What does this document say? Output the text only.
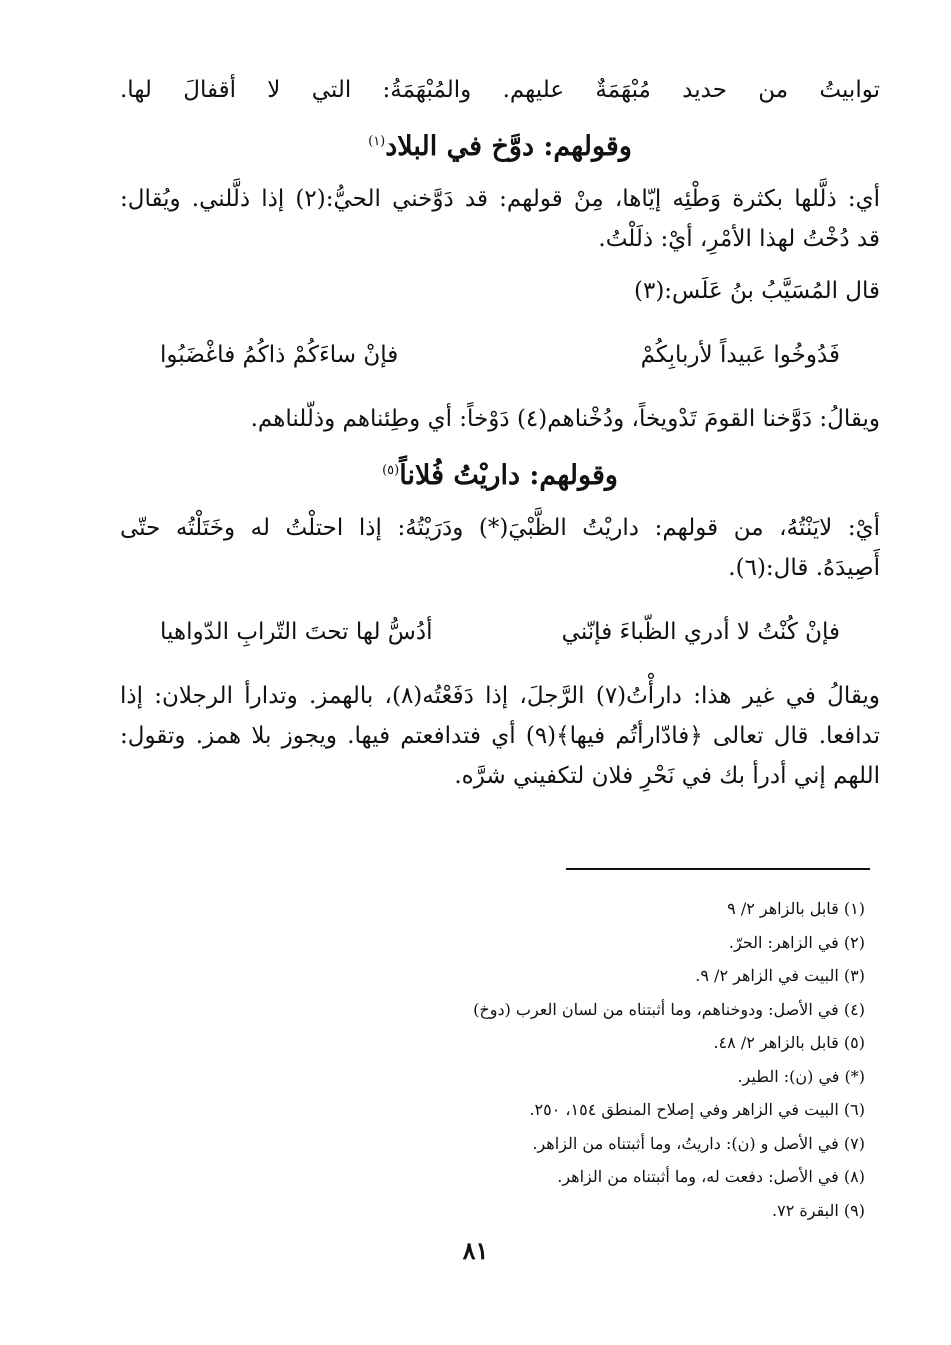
توابيتُ من حديد مُبْهَمَةٌ عليهم. والمُبْهَمَةُ: التي لا أقفالَ لها.
وقولهم: دوَّخ في البلاد$^{(١)}$
أي: ذلَّلها بكثرة وَطْئِه إيّاها، مِنْ قولهم: قد دَوَّخني الحيُّ:(٢) إذا ذلَّلني. ويُقال:
قد دُخْتُ لهذا الأمْرِ، أيْ: ذلَلْتُ.
قال المُسَيَّبُ بنُ عَلَس:(٣)
فَدُوخُوا عَبيداً لأربابِكُمْ
فإنْ ساءَكُمْ ذاكُمُ فاغْضَبُوا
ويقالُ: دَوَّخنا القومَ تَدْويخاً، ودُخْناهم(٤) دَوْخاً: أي وطِئناهم وذلّلناهم.
وقولهم: داريْتُ فُلاناً$^{(٥)}$
أيْ: لايَنْتُهُ، من قولهم: داريْتُ الظَّبْيَ(*) ودَرَيْتُهُ: إذا احتلْتُ له وخَتَلْتُه حتّى
أَصِيدَهُ. قال:(٦).
فإنْ كُنْتُ لا أدري الظّباءَ فإنّني
أدُسُّ لها تحتَ التّرابِ الدّواهيا
ويقالُ في غير هذا: دارأْتُ(٧) الرَّجلَ، إذا دَفَعْتُه(٨)، بالهمز. وتدارأ الرجلان: إذا
تدافعا. قال تعالى ﴿فادّارأتُم فيها﴾(٩) أي فتدافعتم فيها. ويجوز بلا همز. وتقول:
اللهم إني أدرأ بك في نَحْرِ فلان لتكفيني شرَّه.
(١) قابل بالزاهر ٢/ ٩
(٢) في الزاهر: الحرّ.
(٣) البيت في الزاهر ٢/ ٩.
(٤) في الأصل: ودوخناهم، وما أثبتناه من لسان العرب (دوخ)
(٥) قابل بالزاهر ٢/ ٤٨.
(*) في (ن): الطير.
(٦) البيت في الزاهر وفي إصلاح المنطق ١٥٤، ٢٥٠.
(٧) في الأصل و (ن): داريتُ، وما أثبتناه من الزاهر.
(٨) في الأصل: دفعت له، وما أثبتناه من الزاهر.
(٩) البقرة ٧٢.
٨١
